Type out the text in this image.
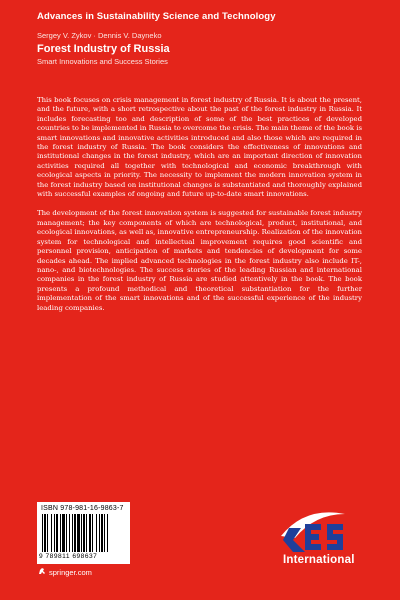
Advances in Sustainability Science and Technology
Sergey V. Zykov · Dennis V. Dayneko
Forest Industry of Russia
Smart Innovations and Success Stories

This book focuses on crisis management in forest industry of Russia. It is about the present, and the future, with a short retrospective about the past of the forest industry in Russia. It includes forecasting too and description of some of the best practices of developed countries to be implemented in Russia to overcome the crisis. The main theme of the book is smart innovations and innovative activities introduced and also those which are required in the forest industry of Russia. The book considers the effectiveness of innovations and institutional changes in the forest industry, which are an important direction of innovation activities required all together with technological and economic breakthrough with ecological aspects in priority. The necessity to implement the modern innovation system in the forest industry based on institutional changes is substantiated and thoroughly explained with successful examples of ongoing and future up-to-date smart innovations.

The development of the forest innovation system is suggested for sustainable forest industry management; the key components of which are technological, product, institutional, and ecological innovations, as well as, innovative entrepreneurship. Realization of the innovation system for technological and intellectual improvement requires good scientific and personnel provision, anticipation of markets and tendencies of development for some decades ahead. The implied advanced technologies in the forest industry also include IT-, nano-, and biotechnologies. The success stories of the leading Russian and international companies in the forest industry of Russia are studied attentively in the book. The book presents a profound methodical and theoretical substantiation for the further implementation of the smart innovations and of the successful experience of the industry leading companies.

ISBN 978-981-16-9863-7
9 789811 698637
springer.com
International
